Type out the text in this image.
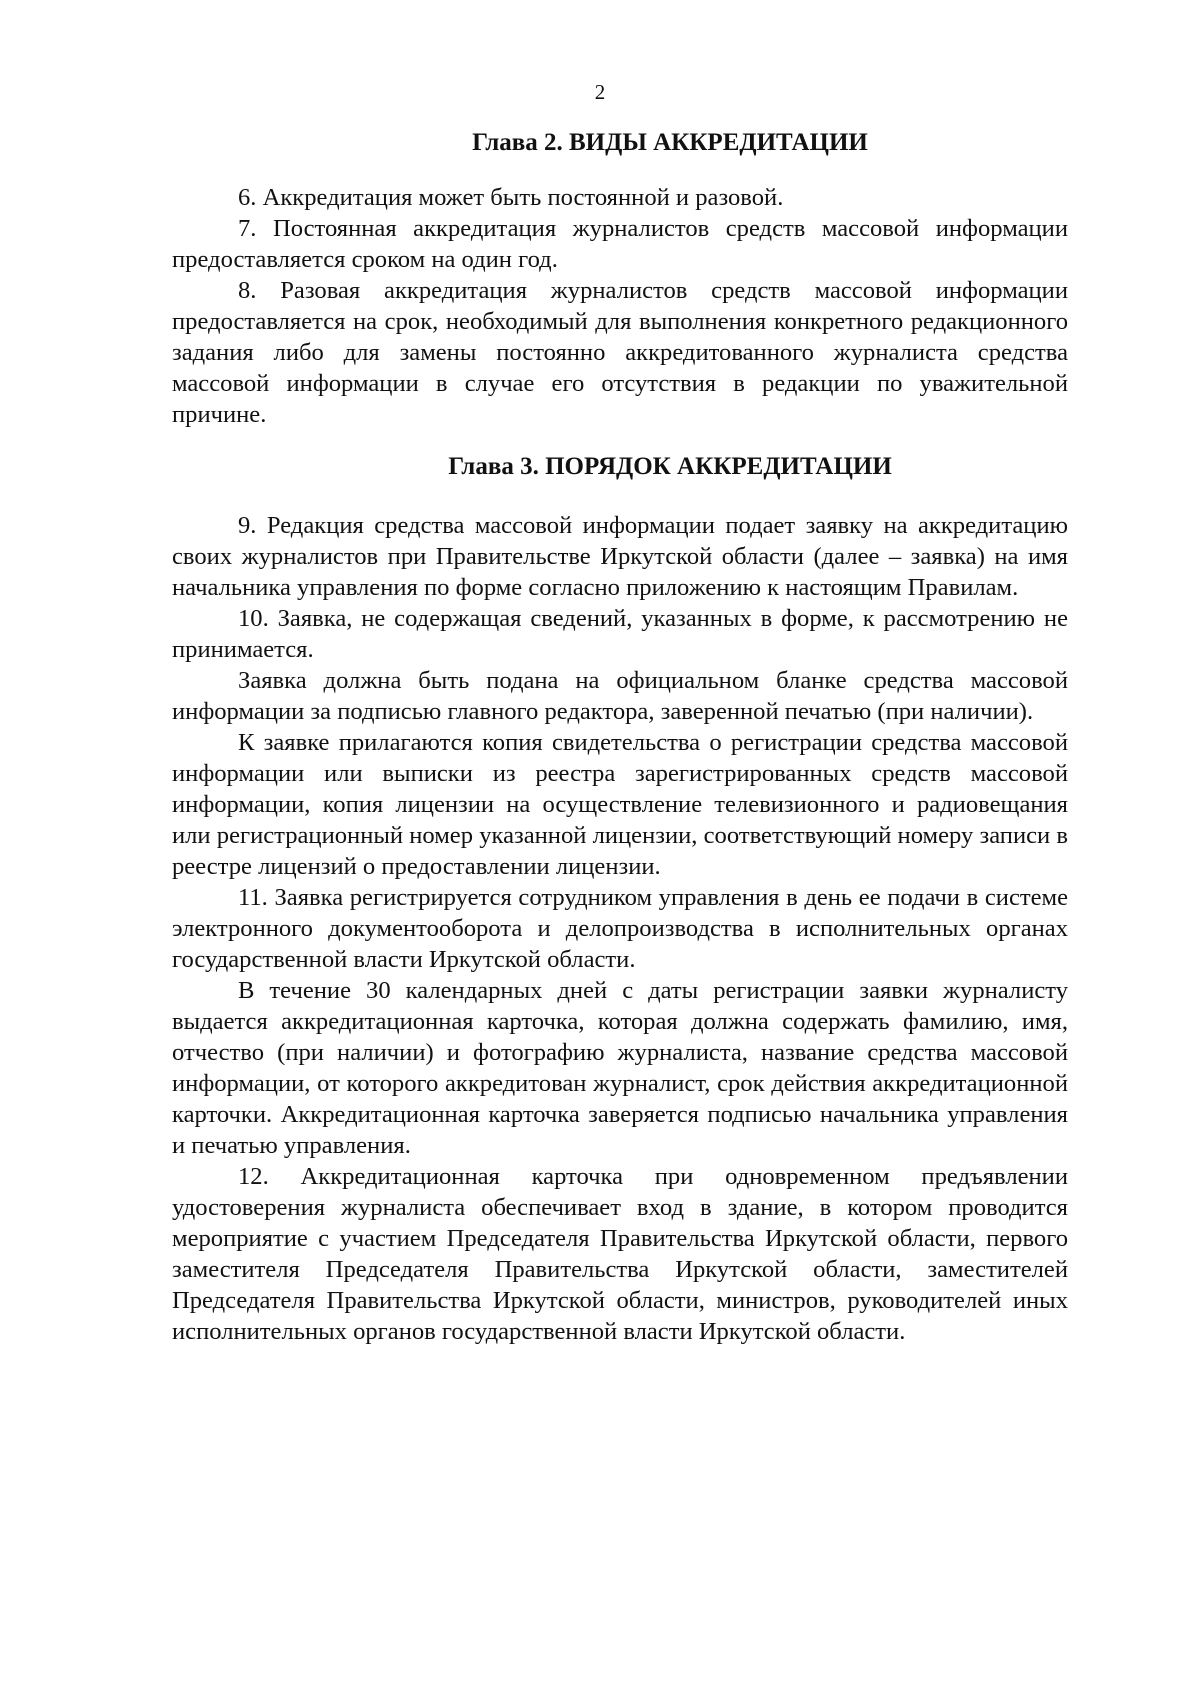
2
Глава 2. ВИДЫ АККРЕДИТАЦИИ

6. Аккредитация может быть постоянной и разовой.

7. Постоянная аккредитация журналистов средств массовой информации предоставляется сроком на один год.

8. Разовая аккредитация журналистов средств массовой информации предоставляется на срок, необходимый для выполнения конкретного редакционного задания либо для замены постоянно аккредитованного журналиста средства массовой информации в случае его отсутствия в редакции по уважительной причине.

Глава 3. ПОРЯДОК АККРЕДИТАЦИИ

9. Редакция средства массовой информации подает заявку на аккредитацию своих журналистов при Правительстве Иркутской области (далее – заявка) на имя начальника управления по форме согласно приложению к настоящим Правилам.

10. Заявка, не содержащая сведений, указанных в форме, к рассмотрению не принимается.

Заявка должна быть подана на официальном бланке средства массовой информации за подписью главного редактора, заверенной печатью (при наличии).

К заявке прилагаются копия свидетельства о регистрации средства массовой информации или выписки из реестра зарегистрированных средств массовой информации, копия лицензии на осуществление телевизионного и радиовещания или регистрационный номер указанной лицензии, соответствующий номеру записи в реестре лицензий о предоставлении лицензии.

11. Заявка регистрируется сотрудником управления в день ее подачи в системе электронного документооборота и делопроизводства в исполнительных органах государственной власти Иркутской области.

В течение 30 календарных дней с даты регистрации заявки журналисту выдается аккредитационная карточка, которая должна содержать фамилию, имя, отчество (при наличии) и фотографию журналиста, название средства массовой информации, от которого аккредитован журналист, срок действия аккредитационной карточки. Аккредитационная карточка заверяется подписью начальника управления и печатью управления.

12. Аккредитационная карточка при одновременном предъявлении удостоверения журналиста обеспечивает вход в здание, в котором проводится мероприятие с участием Председателя Правительства Иркутской области, первого заместителя Председателя Правительства Иркутской области, заместителей Председателя Правительства Иркутской области, министров, руководителей иных исполнительных органов государственной власти Иркутской области.
